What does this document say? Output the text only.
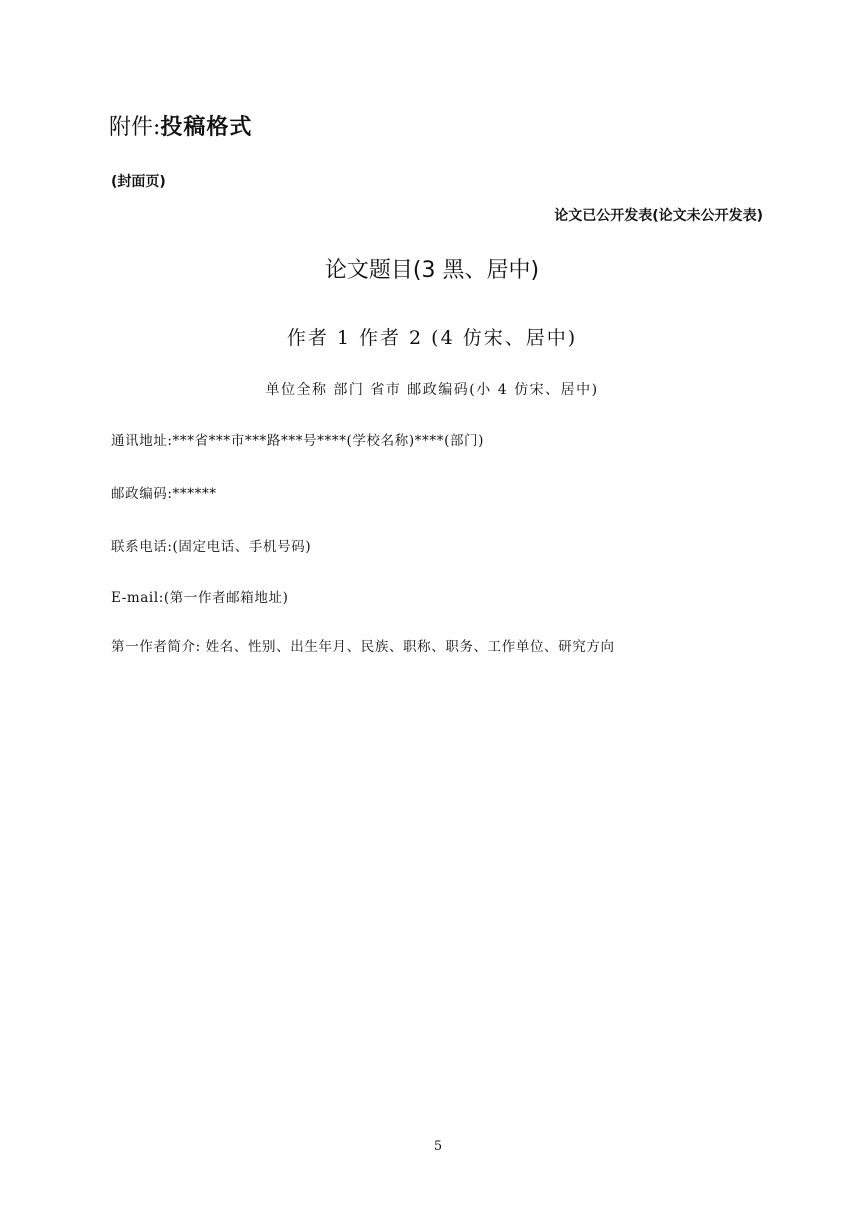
附件:投稿格式
(封面页)
论文已公开发表(论文未公开发表)
论文题目(3 黑、居中)
作者 1 作者 2 (4 仿宋、居中)
单位全称 部门 省市 邮政编码(小 4 仿宋、居中)
通讯地址:***省***市***路***号****(学校名称)****(部门)
邮政编码:******
联系电话:(固定电话、手机号码)
E-mail:(第一作者邮箱地址)
第一作者简介: 姓名、性别、出生年月、民族、职称、职务、工作单位、研究方向
5
